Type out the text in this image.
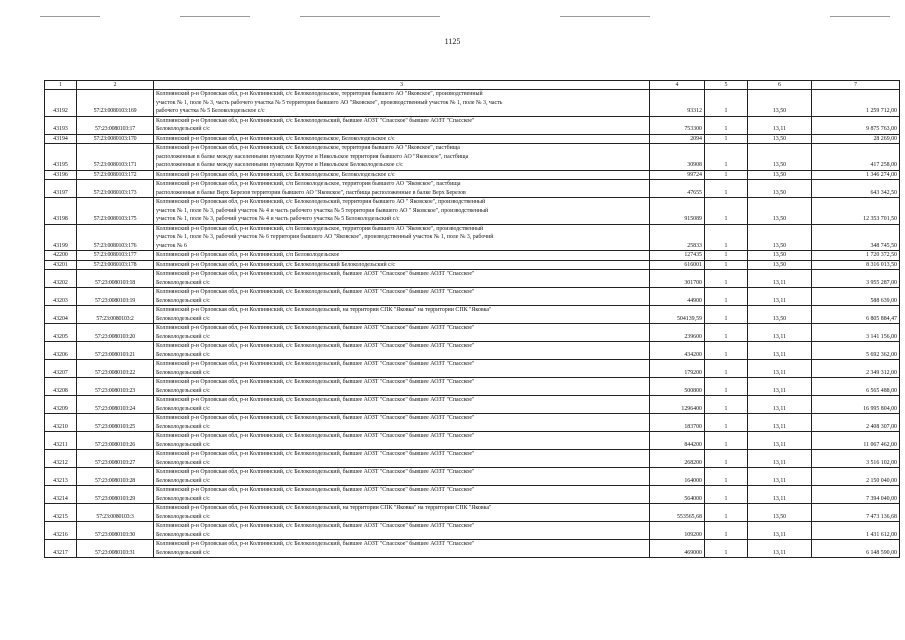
1125
1	2	3	4	5	6	7
43192	57:23:0080103:169	Колпнянский р-н Орловская обл, р-н Колпнянский, с/с Белоколодезьское, территория бывшего АО "Яковское", производственный
участок № 1, поле № 3, часть рабочего участка № 5 территория бывшего АО "Яковское", производственный участок № 1, поле № 3, часть
рабочего участка № 5 Белоколодезьское с/с	93312	1	13,50	1 259 712,00
43193	57:23:0080103:17	Колпнянский р-н Орловская обл, р-н Колпнянский, с/с Белоколодезьский, бывшее АОЗТ "Спасское" бывшее АОЗТ "Спасское"
Белоколодезьский с/с	753300	1	13,11	9 875 763,00
43194	57:23:0080103:170	Колпнянский р-н Орловская обл, р-н Колпнянский, с/с Белоколодезьское, Белоколодезьское с/с	2094	1	13,50	28 269,00
43195	57:23:0080103:171	Колпнянский р-н Орловская обл, р-н Колпнянский, с/с Белоколодезьское, территория бывшего АО "Яковское", пастбища
расположенные в балке между населенными пунктами Крутое и Никольское территория бывшего АО "Яковское", пастбища
расположенные в балке между населенными пунктами Крутое и Никольское Белоколодезьское с/с	30908	1	13,50	417 258,00
43196	57:23:0080103:172	Колпнянский р-н Орловская обл, р-н Колпнянский, с/с Белоколодезьское, Белоколодезьское с/с	99724	1	13,50	1 346 274,00
43197	57:23:0080103:173	Колпнянский р-н Орловская обл, р-н Колпнянский, с/п Белоколодезьское, территория бывшего АО "Яковское", пастбища
расположенные в балке Верх Березов территории бывшего АО "Яковское", пастбища расположенные в балке Верх Березов	47655	1	13,50	643 342,50
43198	57:23:0080103:175	Колпнянский р-н Орловская обл, р-н Колпнянский, с/с Белоколодезьский, территория бывшего АО " Яковское", производственный
участок № 1, поле № 3, рабочий участок № 4 и часть рабочего участка № 5 территория бывшего АО " Яковское", производственный
участок № 1, поле № 3, рабочий участок № 4 и часть рабочего участка № 5 Белоколодезьский с/с	915089	1	13,50	12 353 701,50
43199	57:23:0080103:176	Колпнянский р-н Орловская обл, р-н Колпнянский, с/п Белоколодезьское, территория бывшего АО "Яковское", производственный
участок № 1, поле № 3, рабочий участок № 6 территория бывшего АО "Яковское", производственный участок № 1, поле № 3, рабочий
участок № 6	25833	1	13,50	348 745,50
42200	57:23:0080103:177	Колпнянский р-н Орловская обл, р-н Колпнянский, с/п Белоколодезьское	127435	1	13,50	1 720 372,50
43201	57:23:0080103:178	Колпнянский р-н Орловская обл, р-н Колпнянский, с/с Белоколодезьский Белоколодезьский с/с	616001	1	13,50	8 316 013,50
43202	57:23:0080103:18	Колпнянский р-н Орловская обл, р-н Колпнянский, с/с Белоколодезьский, бывшее АОЗТ "Спасское" бывшее АОЗТ "Спасское"
Белоколодезьский с/с	301700	1	13,11	3 955 287,00
43203	57:23:0080103:19	Колпнянский р-н Орловская обл, р-н Колпнянский, с/с Белоколодезьский, бывшее АОЗТ "Спасское" бывшее АОЗТ "Спасское"
Белоколодезьский с/с	44900	1	13,11	588 639,00
43204	57:23:0080103:2	Колпнянский р-н Орловская обл, р-н Колпнянский, с/с Белоколодезьский, на территории СПК "Яковка" на территории СПК "Яковка"
Белоколодезьский с/с	504139,59	1	13,50	6 805 884,47
43205	57:23:0080103:20	Колпнянский р-н Орловская обл, р-н Колпнянский, с/с Белоколодезьский, бывшее АОЗТ "Спасское" бывшее АОЗТ "Спасское"
Белоколодезьский с/с	239600	1	13,11	3 141 156,00
43206	57:23:0080103:21	Колпнянский р-н Орловская обл, р-н Колпнянский, с/с Белоколодезьский, бывшее АОЗТ "Спасское" бывшее АОЗТ "Спасское"
Белоколодезьский с/с	434200	1	13,11	5 692 362,00
43207	57:23:0080103:22	Колпнянский р-н Орловская обл, р-н Колпнянский, с/с Белоколодезьский, бывшее АОЗТ "Спасское" бывшее АОЗТ "Спасское"
Белоколодезьский с/с	179200	1	13,11	2 349 312,00
43208	57:23:0080103:23	Колпнянский р-н Орловская обл, р-н Колпнянский, с/с Белоколодезьский, бывшее АОЗТ "Спасское" бывшее АОЗТ "Спасское"
Белоколодезьский с/с	500800	1	13,11	6 565 488,00
43209	57:23:0080103:24	Колпнянский р-н Орловская обл, р-н Колпнянский, с/с Белоколодезьский, бывшее АОЗТ "Спасское" бывшее АОЗТ "Спасское"
Белоколодезьский с/с	1296400	1	13,11	16 995 804,00
43210	57:23:0080103:25	Колпнянский р-н Орловская обл, р-н Колпнянский, с/с Белоколодезьский, бывшее АОЗТ "Спасское" бывшее АОЗТ "Спасское"
Белоколодезьский с/с	183700	1	13,11	2 408 307,00
43211	57:23:0080103:26	Колпнянский р-н Орловская обл, р-н Колпнянский, с/с Белоколодезьский, бывшее АОЗТ "Спасское" бывшее АОЗТ "Спасское"
Белоколодезьский с/с	844200	1	13,11	11 067 462,00
43212	57:23:0080103:27	Колпнянский р-н Орловская обл, р-н Колпнянский, с/с Белоколодезьский, бывшее АОЗТ "Спасское" бывшее АОЗТ "Спасское"
Белоколодезьский с/с	268200	1	13,11	3 516 102,00
43213	57:23:0080103:28	Колпнянский р-н Орловская обл, р-н Колпнянский, с/с Белоколодезьский, бывшее АОЗТ "Спасское" бывшее АОЗТ "Спасское"
Белоколодезьский с/с	164000	1	13,11	2 150 040,00
43214	57:23:0080103:29	Колпнянский р-н Орловская обл, р-н Колпнянский, с/с Белоколодезьский, бывшее АОЗТ "Спасское" бывшее АОЗТ "Спасское"
Белоколодезьский с/с	564000	1	13,11	7 394 040,00
43215	57:23:0080103:3	Колпнянский р-н Орловская обл, р-н Колпнянский, с/с Белоколодезьский, на территории СПК "Яковка" на территории СПК "Яковка"
Белоколодезьский с/с	553565,68	1	13,50	7 473 136,68
43216	57:23:0080103:30	Колпнянский р-н Орловская обл, р-н Колпнянский, с/с Белоколодезьский, бывшее АОЗТ "Спасское" бывшее АОЗТ "Спасское"
Белоколодезьский с/с	109200	1	13,11	1 431 612,00
43217	57:23:0080103:31	Колпнянский р-н Орловская обл, р-н Колпнянский, с/с Белоколодезьский, бывшее АОЗТ "Спасское" бывшее АОЗТ "Спасское"
Белоколодезьский с/с	469000	1	13,11	6 148 590,00
